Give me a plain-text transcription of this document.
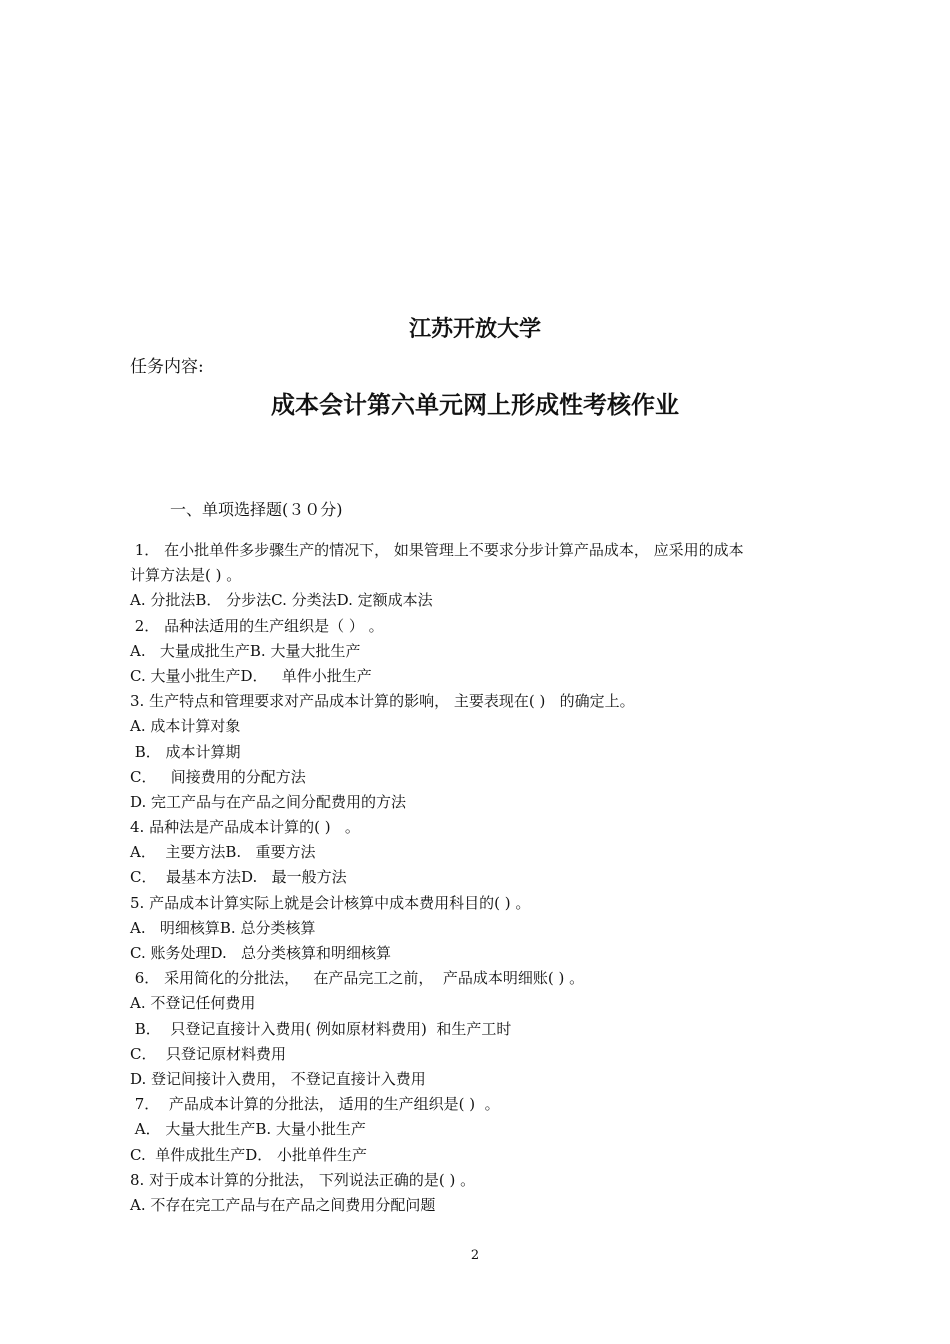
江苏开放大学
任务内容:
成本会计第六单元网上形成性考核作业
一、单项选择题(３０分)
1． 在小批单件多步骤生产的情况下， 如果管理上不要求分步计算产品成本， 应采用的成本
计算方法是( ) 。
A. 分批法B． 分步法C. 分类法D. 定额成本法
2． 品种法适用的生产组织是（ ） 。
A.   大量成批生产B. 大量大批生产
C. 大量小批生产D．   单件小批生产
3. 生产特点和管理要求对产品成本计算的影响， 主要表现在( )   的确定上。
A. 成本计算对象
B． 成本计算期
C．   间接费用的分配方法
D. 完工产品与在产品之间分配费用的方法
4. 品种法是产品成本计算的( )   。
A．  主要方法B.   重要方法
C．  最基本方法D.   最一般方法
5. 产品成本计算实际上就是会计核算中成本费用科目的( ) 。
A.   明细核算B. 总分类核算
C. 账务处理D.   总分类核算和明细核算
6． 采用简化的分批法，   在产品完工之前，  产品成本明细账( ) 。
A. 不登记任何费用
B．  只登记直接计入费用( 例如原材料费用)  和生产工时
C．  只登记原材料费用
D. 登记间接计入费用， 不登记直接计入费用
7．  产品成本计算的分批法， 适用的生产组织是( )  。
A． 大量大批生产B. 大量小批生产
C.  单件成批生产D． 小批单件生产
8. 对于成本计算的分批法， 下列说法正确的是( ) 。
A. 不存在完工产品与在产品之间费用分配问题
2
